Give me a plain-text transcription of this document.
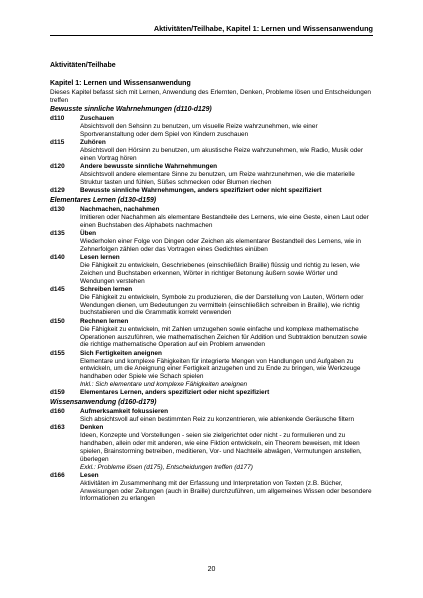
Aktivitäten/Teilhabe, Kapitel 1: Lernen und Wissensanwendung
Aktivitäten/Teilhabe
Kapitel 1: Lernen und Wissensanwendung
Dieses Kapitel befasst sich mit Lernen, Anwendung des Erlernten, Denken, Probleme lösen und Entscheidungen treffen
Bewusste sinnliche Wahrnehmungen (d110-d129)
d110	Zuschauen
Absichtsvoll den Sehsinn zu benutzen, um visuelle Reize wahrzunehmen, wie einer Sportveranstaltung oder dem Spiel von Kindern zuschauen
d115	Zuhören
Absichtsvoll den Hörsinn zu benutzen, um akustische Reize wahrzunehmen, wie Radio, Musik oder einen Vortrag hören
d120	Andere bewusste sinnliche Wahrnehmungen
Absichtsvoll andere elementare Sinne zu benutzen, um Reize wahrzunehmen, wie die materielle Struktur tasten und fühlen, Süßes schmecken oder Blumen riechen
d129	Bewusste sinnliche Wahrnehmungen, anders spezifiziert oder nicht spezifiziert
Elementares Lernen (d130-d159)
d130	Nachmachen, nachahmen
Imitieren oder Nachahmen als elementare Bestandteile des Lernens, wie eine Geste, einen Laut oder einen Buchstaben des Alphabets nachmachen
d135	Üben
Wiederholen einer Folge von Dingen oder Zeichen als elementarer Bestandteil des Lernens, wie in Zehnerfolgen zählen oder das Vortragen eines Gedichtes einüben
d140	Lesen lernen
Die Fähigkeit zu entwickeln, Geschriebenes (einschließlich Braille) flüssig und richtig zu lesen, wie Zeichen und Buchstaben erkennen, Wörter in richtiger Betonung äußern sowie Wörter und Wendungen verstehen
d145	Schreiben lernen
Die Fähigkeit zu entwickeln, Symbole zu produzieren, die der Darstellung von Lauten, Wörtern oder Wendungen dienen, um Bedeutungen zu vermitteln (einschließlich schreiben in Braille), wie richtig buchstabieren und die Grammatik korrekt verwenden
d150	Rechnen lernen
Die Fähigkeit zu entwickeln, mit Zahlen umzugehen sowie einfache und komplexe mathematische Operationen auszuführen, wie mathematischen Zeichen für Addition und Subtraktion benutzen sowie die richtige mathematische Operation auf ein Problem anwenden
d155	Sich Fertigkeiten aneignen
Elementare und komplexe Fähigkeiten für integrierte Mengen von Handlungen und Aufgaben zu entwickeln, um die Aneignung einer Fertigkeit anzugehen und zu Ende zu bringen, wie Werkzeuge handhaben oder Spiele wie Schach spielen
Inkl.: Sich elementare und komplexe Fähigkeiten aneignen
d159	Elementares Lernen, anders spezifiziert oder nicht spezifiziert
Wissensanwendung (d160-d179)
d160	Aufmerksamkeit fokussieren
Sich absichtsvoll auf einen bestimmten Reiz zu konzentrieren, wie ablenkende Geräusche filtern
d163	Denken
Ideen, Konzepte und Vorstellungen - seien sie zielgerichtet oder nicht - zu formulieren und zu handhaben, allein oder mit anderen, wie eine Fiktion entwickeln, ein Theorem beweisen, mit Ideen spielen, Brainstorming betreiben, meditieren, Vor- und Nachteile abwägen, Vermutungen anstellen, überlegen
Exkl.: Probleme lösen (d175), Entscheidungen treffen (d177)
d166	Lesen
Aktivitäten im Zusammenhang mit der Erfassung und Interpretation von Texten (z.B. Bücher, Anweisungen oder Zeitungen (auch in Braille) durchzuführen, um allgemeines Wissen oder besondere Informationen zu erlangen
20
